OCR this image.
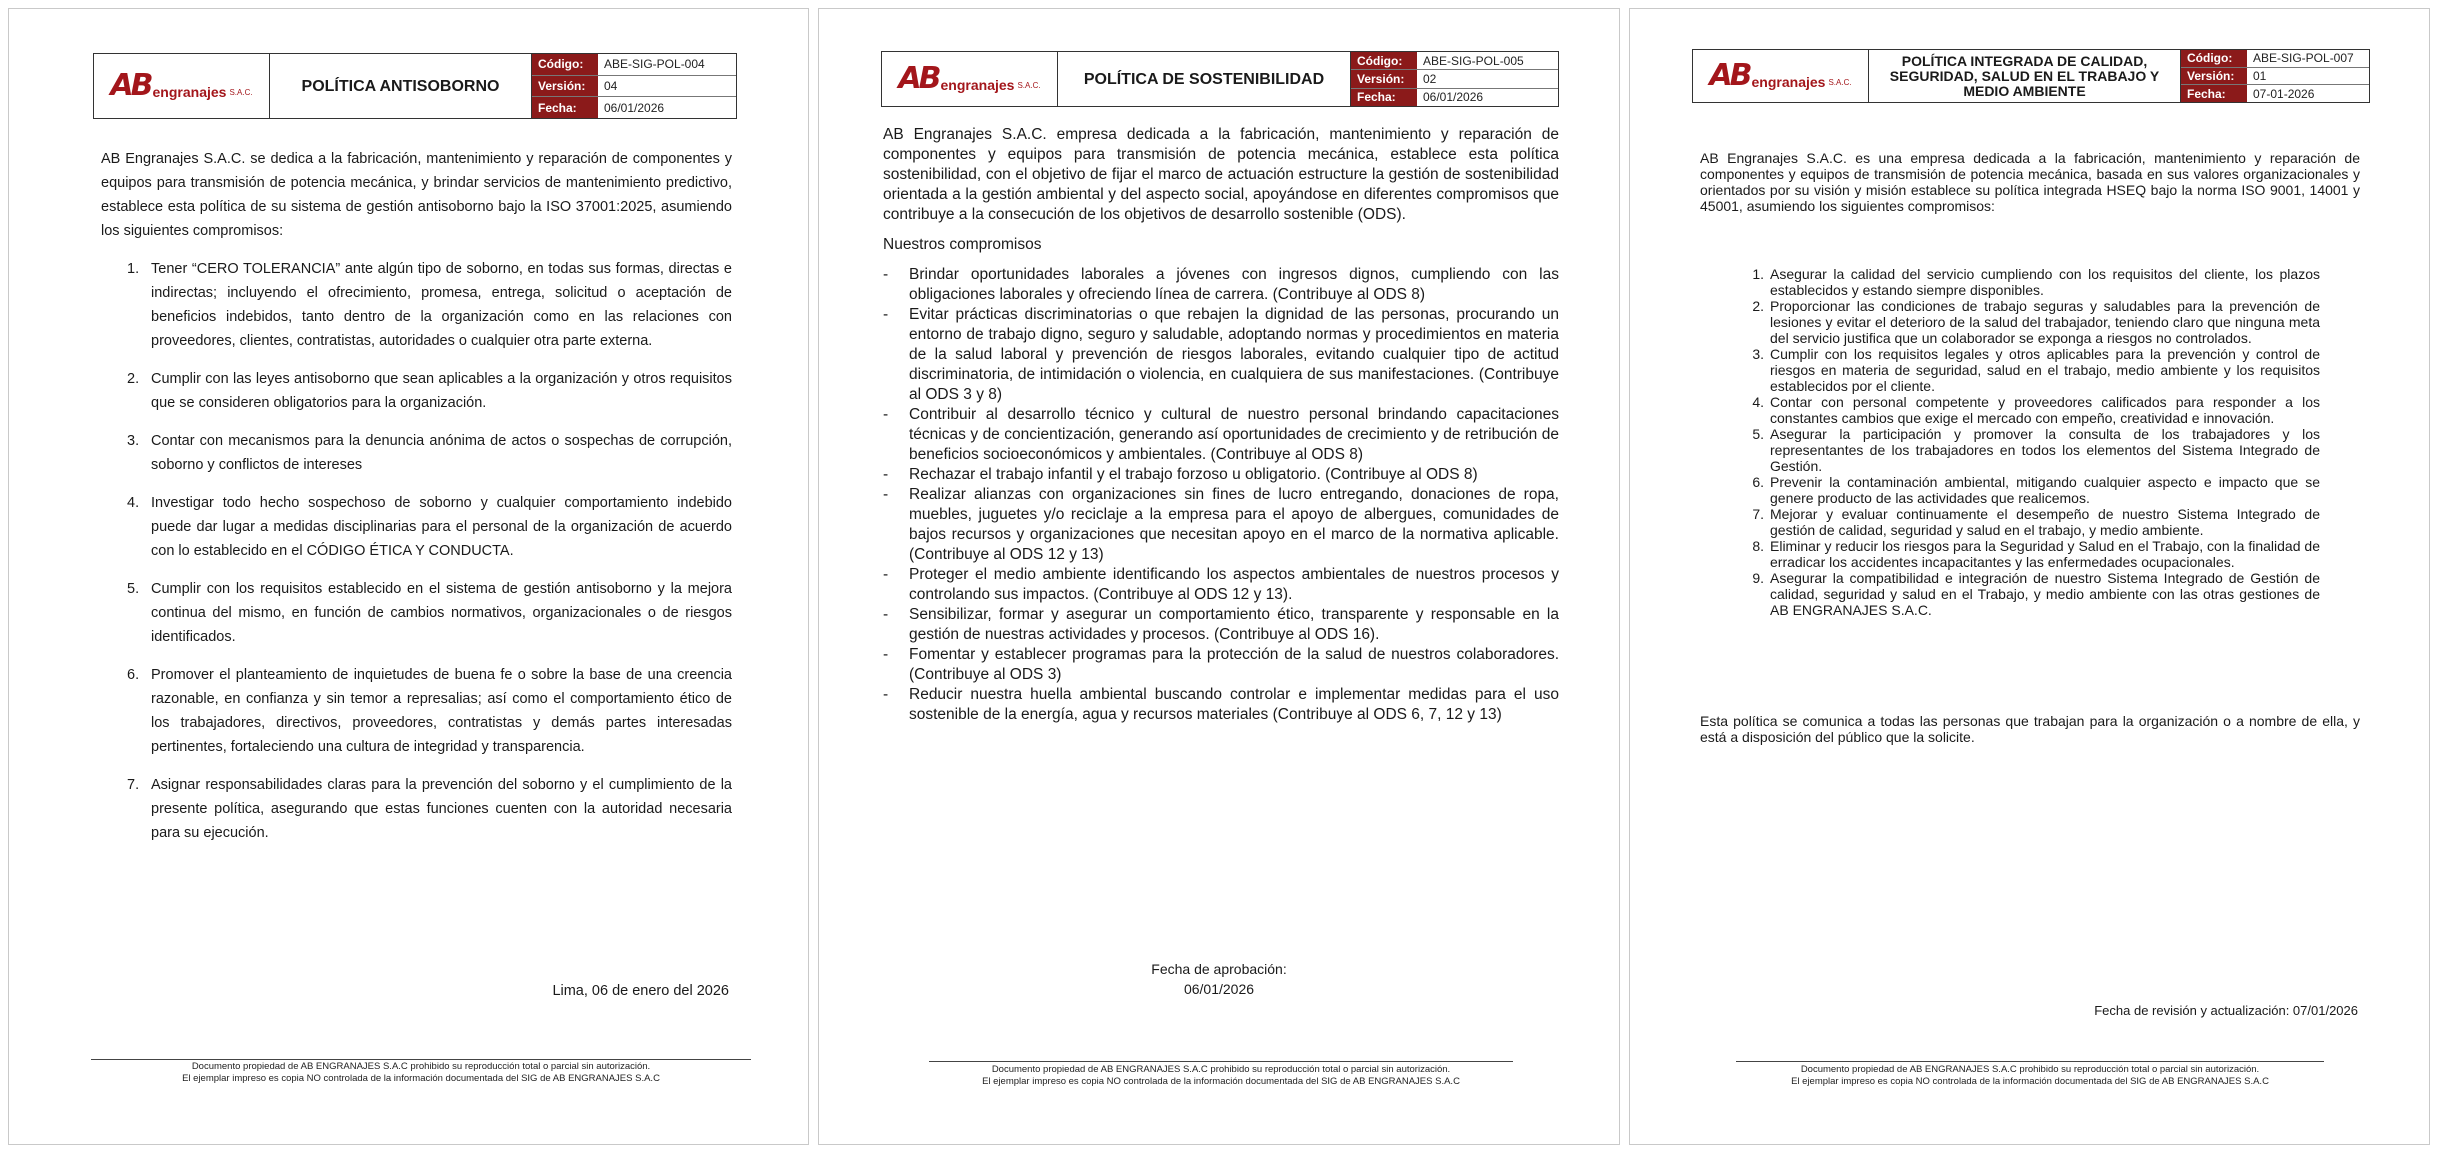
AB engranajes S.A.C.	POLÍTICA ANTISOBORNO
Código:	ABE-SIG-POL-004
Versión:	04
Fecha:	06/01/2026

AB Engranajes S.A.C. se dedica a la fabricación, mantenimiento y reparación de componentes y equipos para transmisión de potencia mecánica, y brindar servicios de mantenimiento predictivo, establece esta política de su sistema de gestión antisoborno bajo la ISO 37001:2025, asumiendo los siguientes compromisos:

1. Tener “CERO TOLERANCIA” ante algún tipo de soborno, en todas sus formas, directas e indirectas; incluyendo el ofrecimiento, promesa, entrega, solicitud o aceptación de beneficios indebidos, tanto dentro de la organización como en las relaciones con proveedores, clientes, contratistas, autoridades o cualquier otra parte externa.
2. Cumplir con las leyes antisoborno que sean aplicables a la organización y otros requisitos que se consideren obligatorios para la organización.
3. Contar con mecanismos para la denuncia anónima de actos o sospechas de corrupción, soborno y conflictos de intereses
4. Investigar todo hecho sospechoso de soborno y cualquier comportamiento indebido puede dar lugar a medidas disciplinarias para el personal de la organización de acuerdo con lo establecido en el CÓDIGO ÉTICA Y CONDUCTA.
5. Cumplir con los requisitos establecido en el sistema de gestión antisoborno y la mejora continua del mismo, en función de cambios normativos, organizacionales o de riesgos identificados.
6. Promover el planteamiento de inquietudes de buena fe o sobre la base de una creencia razonable, en confianza y sin temor a represalias; así como el comportamiento ético de los trabajadores, directivos, proveedores, contratistas y demás partes interesadas pertinentes, fortaleciendo una cultura de integridad y transparencia.
7. Asignar responsabilidades claras para la prevención del soborno y el cumplimiento de la presente política, asegurando que estas funciones cuenten con la autoridad necesaria para su ejecución.
Lima, 06 de enero del 2026
Documento propiedad de AB ENGRANAJES S.A.C prohibido su reproducción total o parcial sin autorización.
El ejemplar impreso es copia NO controlada de la información documentada del SIG de AB ENGRANAJES S.A.C
AB engranajes S.A.C.	POLÍTICA DE SOSTENIBILIDAD
Código:	ABE-SIG-POL-005
Versión:	02
Fecha:	06/01/2026

AB Engranajes S.A.C. empresa dedicada a la fabricación, mantenimiento y reparación de componentes y equipos para transmisión de potencia mecánica, establece esta política sostenibilidad, con el objetivo de fijar el marco de actuación estructure la gestión de sostenibilidad orientada a la gestión ambiental y del aspecto social, apoyándose en diferentes compromisos que contribuye a la consecución de los objetivos de desarrollo sostenible (ODS).

Nuestros compromisos

-	Brindar oportunidades laborales a jóvenes con ingresos dignos, cumpliendo con las obligaciones laborales y ofreciendo línea de carrera. (Contribuye al ODS 8)
-	Evitar prácticas discriminatorias o que rebajen la dignidad de las personas, procurando un entorno de trabajo digno, seguro y saludable, adoptando normas y procedimientos en materia de la salud laboral y prevención de riesgos laborales, evitando cualquier tipo de actitud discriminatoria, de intimidación o violencia, en cualquiera de sus manifestaciones. (Contribuye al ODS 3 y 8)
-	Contribuir al desarrollo técnico y cultural de nuestro personal brindando capacitaciones técnicas y de concientización, generando así oportunidades de crecimiento y de retribución de beneficios socioeconómicos y ambientales. (Contribuye al ODS 8)
-	Rechazar el trabajo infantil y el trabajo forzoso u obligatorio. (Contribuye al ODS 8)
-	Realizar alianzas con organizaciones sin fines de lucro entregando, donaciones de ropa, muebles, juguetes y/o reciclaje a la empresa para el apoyo de albergues, comunidades de bajos recursos y organizaciones que necesitan apoyo en el marco de la normativa aplicable. (Contribuye al ODS 12 y 13)
-	Proteger el medio ambiente identificando los aspectos ambientales de nuestros procesos y controlando sus impactos. (Contribuye al ODS 12 y 13).
-	Sensibilizar, formar y asegurar un comportamiento ético, transparente y responsable en la gestión de nuestras actividades y procesos. (Contribuye al ODS 16).
-	Fomentar y establecer programas para la protección de la salud de nuestros colaboradores. (Contribuye al ODS 3)
-	Reducir nuestra huella ambiental buscando controlar e implementar medidas para el uso sostenible de la energía, agua y recursos materiales (Contribuye al ODS 6, 7, 12 y 13)
Fecha de aprobación:
06/01/2026
Documento propiedad de AB ENGRANAJES S.A.C prohibido su reproducción total o parcial sin autorización.
El ejemplar impreso es copia NO controlada de la información documentada del SIG de AB ENGRANAJES S.A.C
AB engranajes S.A.C.
POLÍTICA INTEGRADA DE CALIDAD, SEGURIDAD, SALUD EN EL TRABAJO Y MEDIO AMBIENTE
Código:	ABE-SIG-POL-007
Versión:	01
Fecha:	07-01-2026
AB Engranajes S.A.C. es una empresa dedicada a la fabricación, mantenimiento y reparación de componentes y equipos de transmisión de potencia mecánica, basada en sus valores organizacionales y orientados por su visión y misión establece su política integrada HSEQ bajo la norma ISO 9001, 14001 y 45001, asumiendo los siguientes compromisos:
1. Asegurar la calidad del servicio cumpliendo con los requisitos del cliente, los plazos establecidos y estando siempre disponibles.
2. Proporcionar las condiciones de trabajo seguras y saludables para la prevención de lesiones y evitar el deterioro de la salud del trabajador, teniendo claro que ninguna meta del servicio justifica que un colaborador se exponga a riesgos no controlados.
3. Cumplir con los requisitos legales y otros aplicables para la prevención y control de riesgos en materia de seguridad, salud en el trabajo, medio ambiente y los requisitos establecidos por el cliente.
4. Contar con personal competente y proveedores calificados para responder a los constantes cambios que exige el mercado con empeño, creatividad e innovación.
5. Asegurar la participación y promover la consulta de los trabajadores y los representantes de los trabajadores en todos los elementos del Sistema Integrado de Gestión.
6. Prevenir la contaminación ambiental, mitigando cualquier aspecto e impacto que se genere producto de las actividades que realicemos.
7. Mejorar y evaluar continuamente el desempeño de nuestro Sistema Integrado de gestión de calidad, seguridad y salud en el trabajo, y medio ambiente.
8. Eliminar y reducir los riesgos para la Seguridad y Salud en el Trabajo, con la finalidad de erradicar los accidentes incapacitantes y las enfermedades ocupacionales.
9. Asegurar la compatibilidad e integración de nuestro Sistema Integrado de Gestión de calidad, seguridad y salud en el Trabajo, y medio ambiente con las otras gestiones de AB ENGRANAJES S.A.C.
Esta política se comunica a todas las personas que trabajan para la organización o a nombre de ella, y está a disposición del público que la solicite.
Fecha de revisión y actualización: 07/01/2026
Documento propiedad de AB ENGRANAJES S.A.C prohibido su reproducción total o parcial sin autorización.
El ejemplar impreso es copia NO controlada de la información documentada del SIG de AB ENGRANAJES S.A.C
